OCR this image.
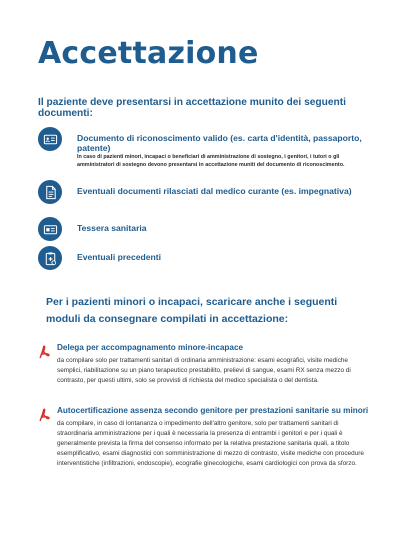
Accettazione

Il paziente deve presentarsi in accettazione munito dei seguenti documenti:

Documento di riconoscimento valido (es. carta d'identità, passaporto, patente)

In caso di pazienti minori, incapaci o beneficiari di amministrazione di sostegno, i genitori, i tutori o gli amministratori di sostegno devono presentarsi in accettazione muniti del documento di riconoscimento.

Eventuali documenti rilasciati dal medico curante (es. impegnativa)

Tessera sanitaria

Eventuali precedenti

Per i pazienti minori o incapaci, scaricare anche i seguenti moduli da consegnare compilati in accettazione:

Delega per accompagnamento minore-incapace

da compilare solo per trattamenti sanitari di ordinaria amministrazione: esami ecografici, visite mediche semplici, riabilitazione su un piano terapeutico prestabilito, prelievi di sangue, esami RX senza mezzo di contrasto, per questi ultimi, solo se provvisti di richiesta del medico specialista o del dentista.

Autocertificazione assenza secondo genitore per prestazioni sanitarie su minori

da compilare, in caso di lontananza o impedimento dell'altro genitore, solo per trattamenti sanitari di straordinaria amministrazione per i quali è necessaria la presenza di entrambi i genitori e per i quali è generalmente prevista la firma del consenso informato per la relativa prestazione sanitaria quali, a titolo esemplificativo, esami diagnostici con somministrazione di mezzo di contrasto, visite mediche con procedure interventistiche (infiltrazioni, endoscopie), ecografie ginecologiche, esami cardiologici con prova da sforzo.
